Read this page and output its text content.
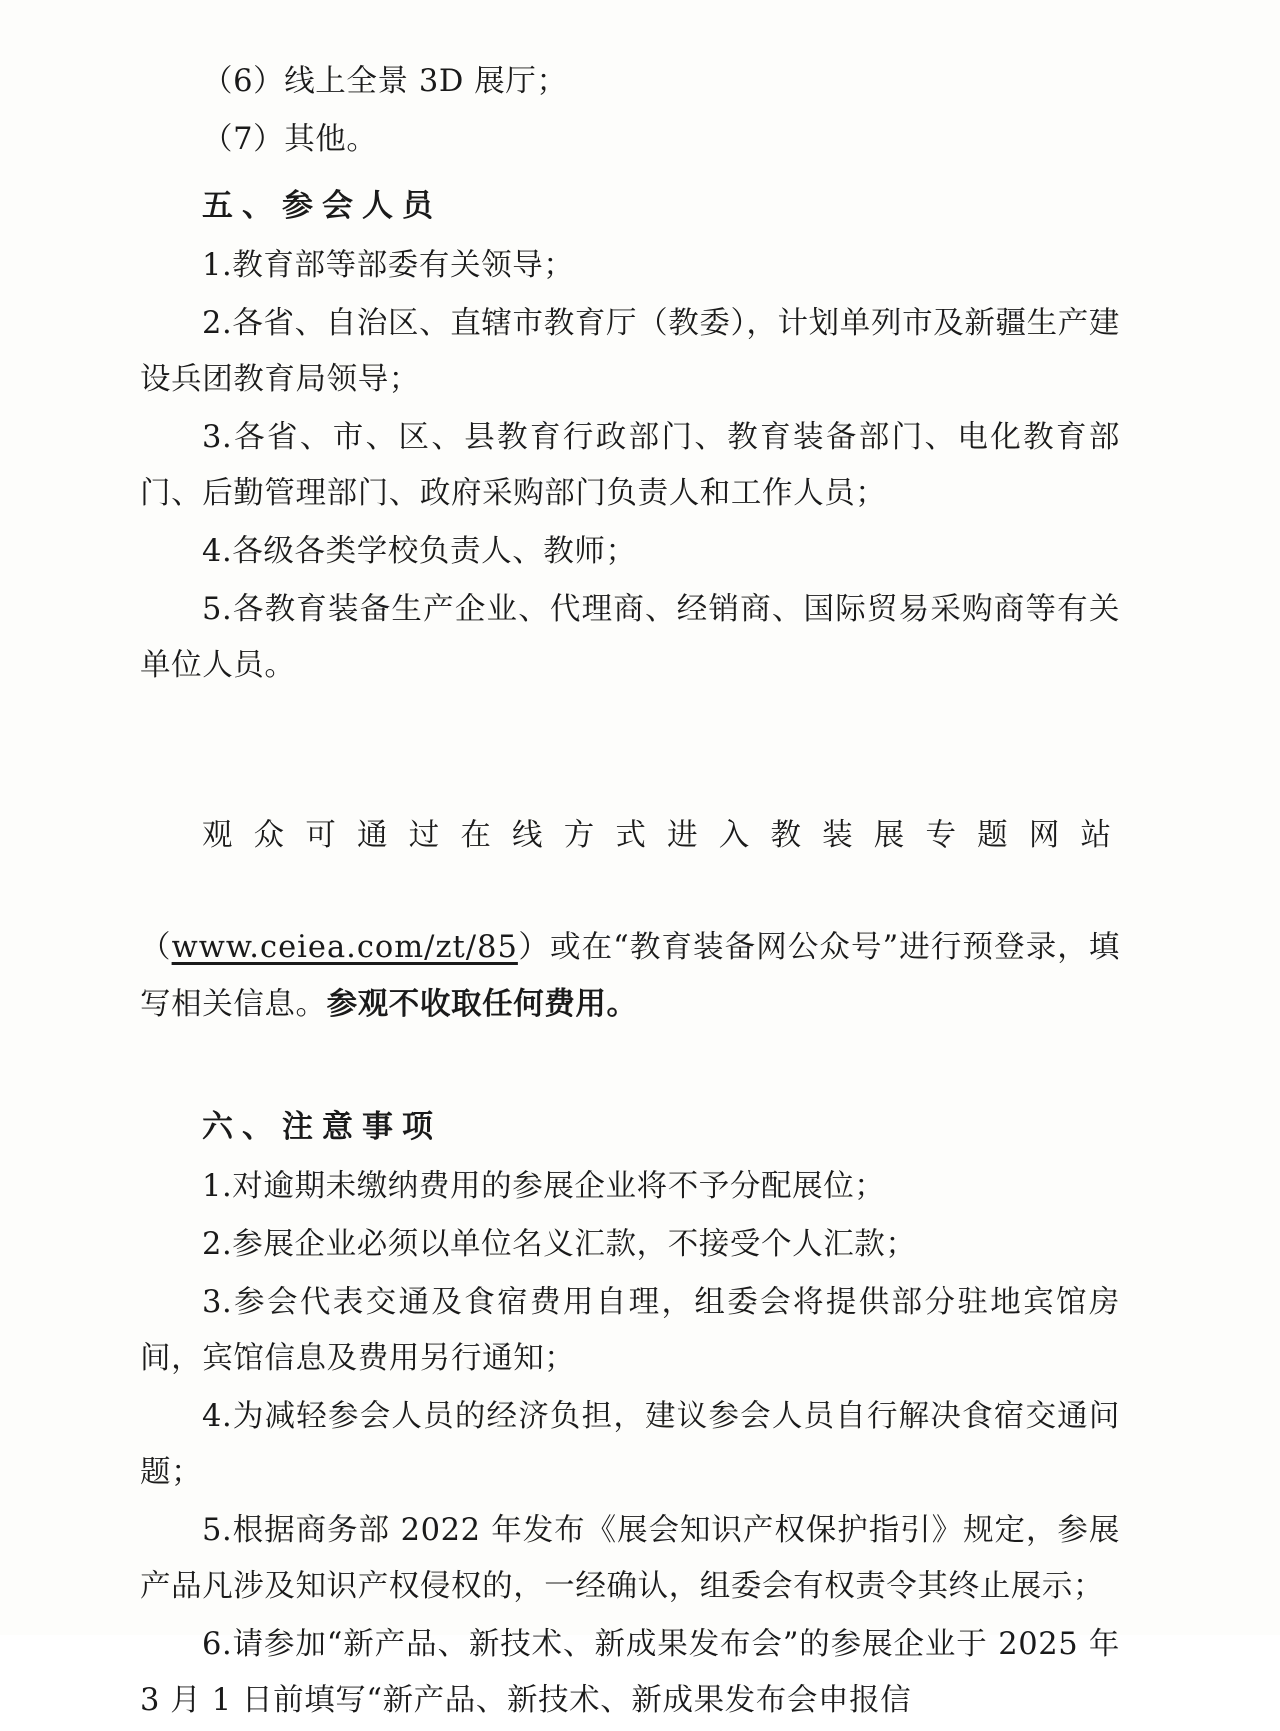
（6）线上全景 3D 展厅；

（7）其他。

五、参会人员

1.教育部等部委有关领导；

2.各省、自治区、直辖市教育厅（教委），计划单列市及新疆生产建设兵团教育局领导；

3.各省、市、区、县教育行政部门、教育装备部门、电化教育部门、后勤管理部门、政府采购部门负责人和工作人员；

4.各级各类学校负责人、教师；

5.各教育装备生产企业、代理商、经销商、国际贸易采购商等有关单位人员。

观众可通过在线方式进入教装展专题网站
（www.ceiea.com/zt/85）或在“教育装备网公众号”进行预登录，填写相关信息。参观不收取任何费用。

六、注意事项

1.对逾期未缴纳费用的参展企业将不予分配展位；

2.参展企业必须以单位名义汇款，不接受个人汇款；

3.参会代表交通及食宿费用自理，组委会将提供部分驻地宾馆房间，宾馆信息及费用另行通知；

4.为减轻参会人员的经济负担，建议参会人员自行解决食宿交通问题；

5.根据商务部 2022 年发布《展会知识产权保护指引》规定，参展产品凡涉及知识产权侵权的，一经确认，组委会有权责令其终止展示；

6.请参加“新产品、新技术、新成果发布会”的参展企业于 2025 年 3 月 1 日前填写“新产品、新技术、新成果发布会申报信
